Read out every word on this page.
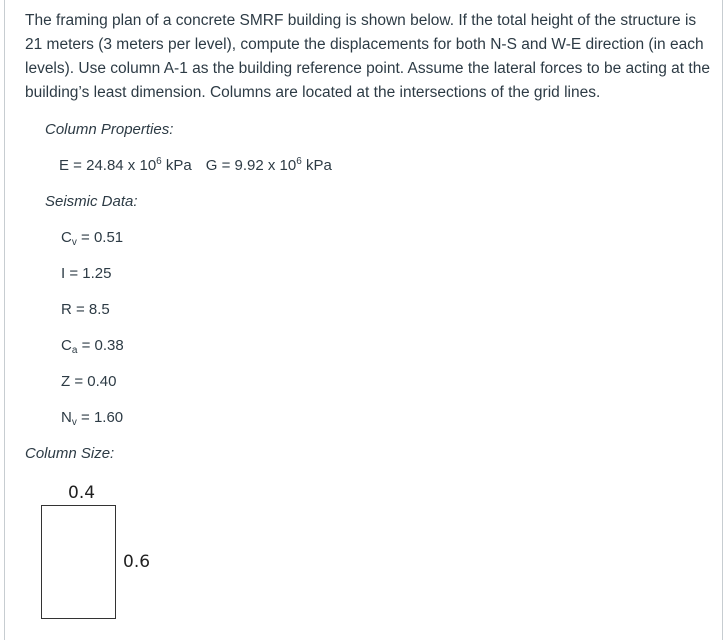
The framing plan of a concrete SMRF building is shown below. If the total height of the structure is 21 meters (3 meters per level), compute the displacements for both N-S and W-E direction (in each levels). Use column A-1 as the building reference point. Assume the lateral forces to be acting at the building’s least dimension. Columns are located at the intersections of the grid lines.

Column Properties:

E = 24.84 x $10^6$ kPa G = 9.92 x $10^6$ kPa

Seismic Data:

$C_v = 0.51$

I = 1.25

R = 8.5

$C_a = 0.38$

Z = 0.40

$N_v = 1.60$

Column Size:

0.4

0.6
